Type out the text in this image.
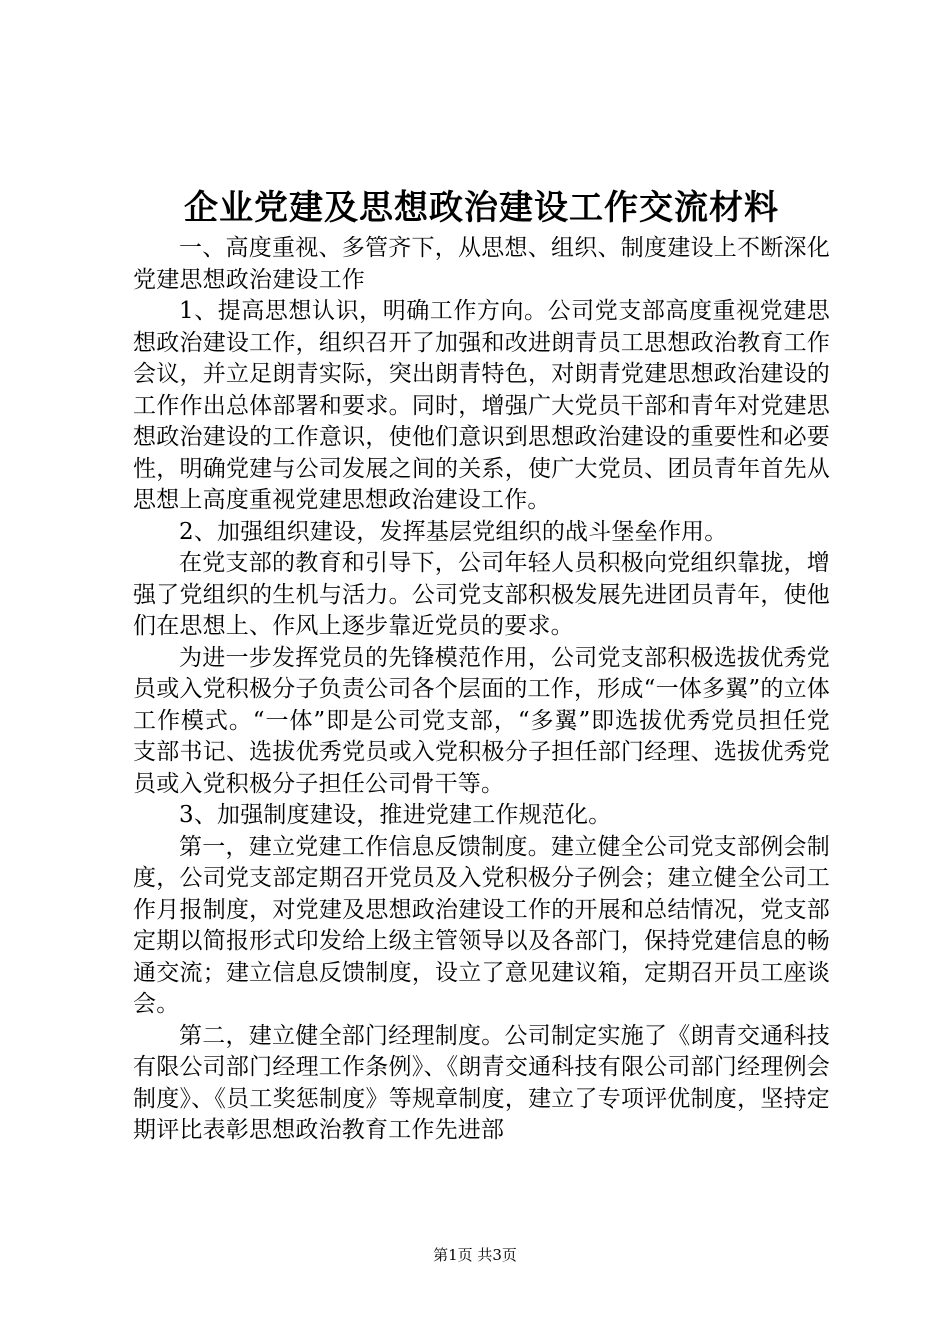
企业党建及思想政治建设工作交流材料

一、高度重视、多管齐下，从思想、组织、制度建设上不断深化党建思想政治建设工作

1、提高思想认识，明确工作方向。公司党支部高度重视党建思想政治建设工作，组织召开了加强和改进朗青员工思想政治教育工作会议，并立足朗青实际，突出朗青特色，对朗青党建思想政治建设的工作作出总体部署和要求。同时，增强广大党员干部和青年对党建思想政治建设的工作意识，使他们意识到思想政治建设的重要性和必要性，明确党建与公司发展之间的关系，使广大党员、团员青年首先从思想上高度重视党建思想政治建设工作。

2、加强组织建设，发挥基层党组织的战斗堡垒作用。

在党支部的教育和引导下，公司年轻人员积极向党组织靠拢，增强了党组织的生机与活力。公司党支部积极发展先进团员青年，使他们在思想上、作风上逐步靠近党员的要求。

为进一步发挥党员的先锋模范作用，公司党支部积极选拔优秀党员或入党积极分子负责公司各个层面的工作，形成“一体多翼”的立体工作模式。“一体”即是公司党支部，“多翼”即选拔优秀党员担任党支部书记、选拔优秀党员或入党积极分子担任部门经理、选拔优秀党员或入党积极分子担任公司骨干等。

3、加强制度建设，推进党建工作规范化。

第一，建立党建工作信息反馈制度。建立健全公司党支部例会制度，公司党支部定期召开党员及入党积极分子例会；建立健全公司工作月报制度，对党建及思想政治建设工作的开展和总结情况，党支部定期以简报形式印发给上级主管领导以及各部门，保持党建信息的畅通交流；建立信息反馈制度，设立了意见建议箱，定期召开员工座谈会。

第二，建立健全部门经理制度。公司制定实施了《朗青交通科技有限公司部门经理工作条例》、《朗青交通科技有限公司部门经理例会制度》、《员工奖惩制度》等规章制度，建立了专项评优制度，坚持定期评比表彰思想政治教育工作先进部

第1页 共3页
